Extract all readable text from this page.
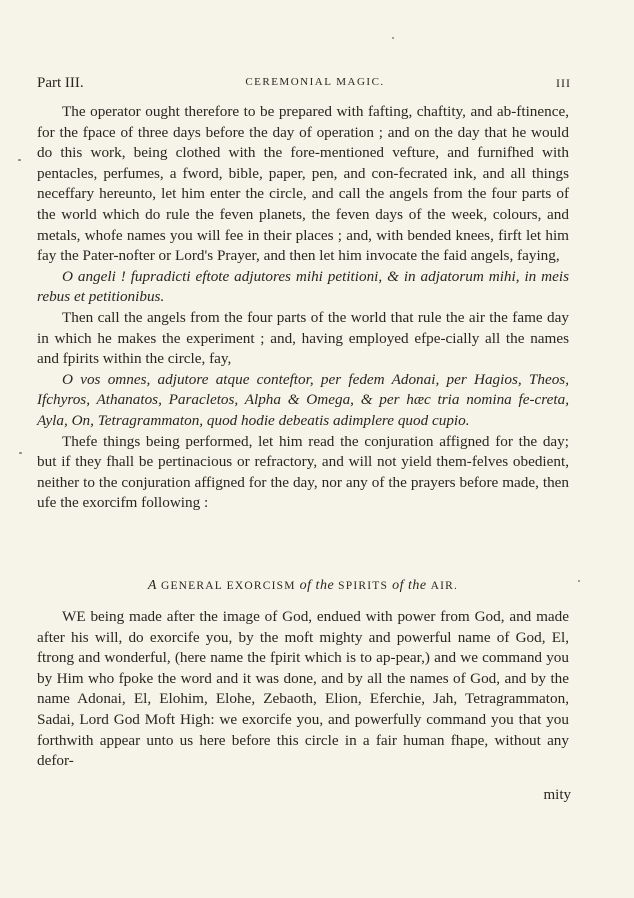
Part III.	CEREMONIAL MAGIC.	III

The operator ought therefore to be prepared with fafting, chaftity, and ab-ftinence, for the fpace of three days before the day of operation ; and on the day that he would do this work, being clothed with the fore-mentioned vefture, and furnifhed with pentacles, perfumes, a fword, bible, paper, pen, and con-fecrated ink, and all things neceffary hereunto, let him enter the circle, and call the angels from the four parts of the world which do rule the feven planets, the feven days of the week, colours, and metals, whofe names you will fee in their places ; and, with bended knees, firft let him fay the Pater-nofter or Lord's Prayer, and then let him invocate the faid angels, faying,

O angeli ! fupradicti eftote adjutores mihi petitioni, & in adjatorum mihi, in meis rebus et petitionibus.

Then call the angels from the four parts of the world that rule the air the fame day in which he makes the experiment ; and, having employed efpe-cially all the names and fpirits within the circle, fay,

O vos omnes, adjutore atque conteftor, per fedem Adonai, per Hagios, Theos, Ifchyros, Athanatos, Paracletos, Alpha & Omega, & per hæc tria nomina fe-creta, Ayla, On, Tetragrammaton, quod hodie debeatis adimplere quod cupio.

Thefe things being performed, let him read the conjuration affigned for the day; but if they fhall be pertinacious or refractory, and will not yield them-felves obedient, neither to the conjuration affigned for the day, nor any of the prayers before made, then ufe the exorcifm following :

A GENERAL EXORCISM of the SPIRITS of the AIR.

WE being made after the image of God, endued with power from God, and made after his will, do exorcife you, by the moft mighty and powerful name of God, El, ftrong and wonderful, (here name the fpirit which is to ap-pear,) and we command you by Him who fpoke the word and it was done, and by all the names of God, and by the name Adonai, El, Elohim, Elohe, Zebaoth, Elion, Eferchie, Jah, Tetragrammaton, Sadai, Lord God Moft High: we exorcife you, and powerfully command you that you forthwith appear unto us here before this circle in a fair human fhape, without any defor-

mity
